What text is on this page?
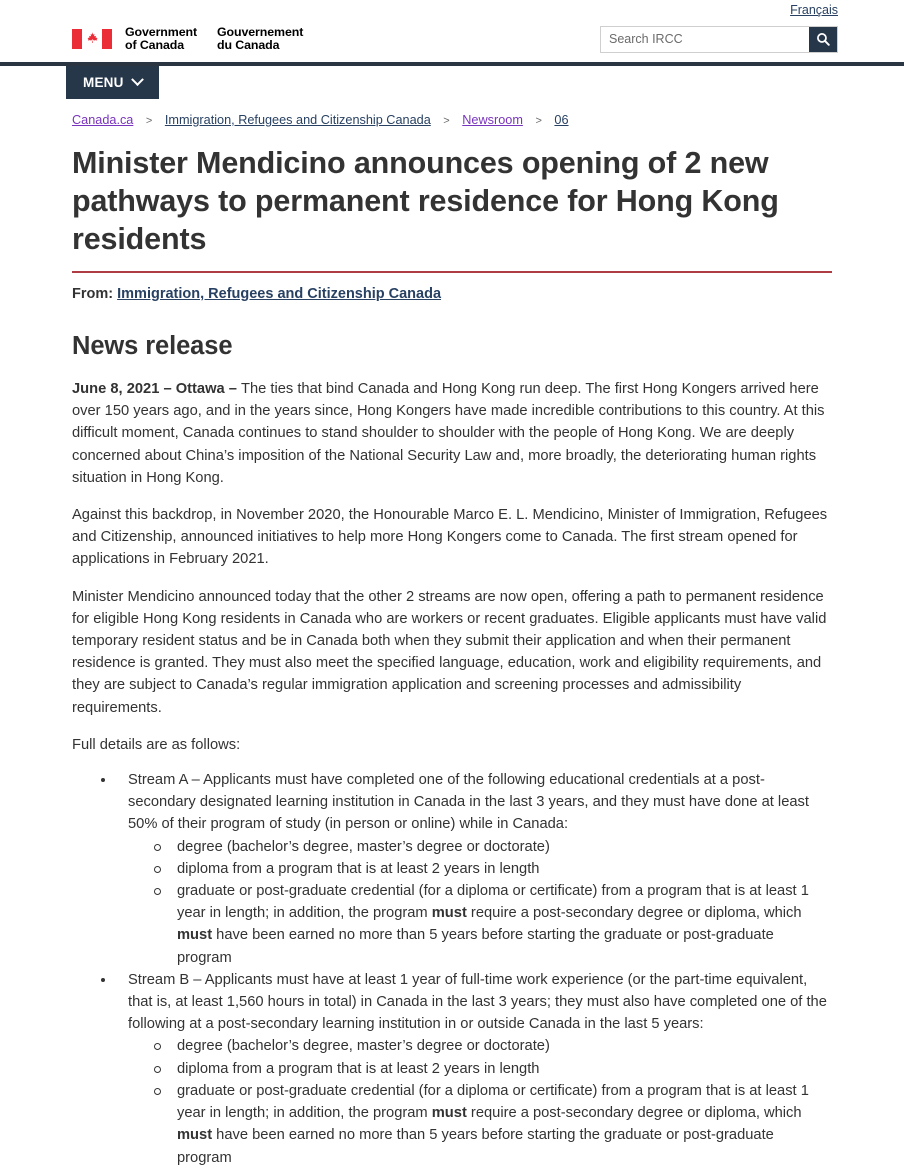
Français
Government
of Canada
Gouvernement
du Canada
Search IRCC
MENU
Canada.ca > Immigration, Refugees and Citizenship Canada > Newsroom > 06
Minister Mendicino announces opening of 2 new pathways to permanent residence for Hong Kong residents

From: Immigration, Refugees and Citizenship Canada

News release

June 8, 2021 – Ottawa – The ties that bind Canada and Hong Kong run deep. The first Hong Kongers arrived here over 150 years ago, and in the years since, Hong Kongers have made incredible contributions to this country. At this difficult moment, Canada continues to stand shoulder to shoulder with the people of Hong Kong. We are deeply concerned about China’s imposition of the National Security Law and, more broadly, the deteriorating human rights situation in Hong Kong.

Against this backdrop, in November 2020, the Honourable Marco E. L. Mendicino, Minister of Immigration, Refugees and Citizenship, announced initiatives to help more Hong Kongers come to Canada. The first stream opened for applications in February 2021.

Minister Mendicino announced today that the other 2 streams are now open, offering a path to permanent residence for eligible Hong Kong residents in Canada who are workers or recent graduates. Eligible applicants must have valid temporary resident status and be in Canada both when they submit their application and when their permanent residence is granted. They must also meet the specified language, education, work and eligibility requirements, and they are subject to Canada’s regular immigration application and screening processes and admissibility requirements.

Full details are as follows:

Stream A – Applicants must have completed one of the following educational credentials at a post-secondary designated learning institution in Canada in the last 3 years, and they must have done at least 50% of their program of study (in person or online) while in Canada:
degree (bachelor’s degree, master’s degree or doctorate)
diploma from a program that is at least 2 years in length
graduate or post-graduate credential (for a diploma or certificate) from a program that is at least 1 year in length; in addition, the program must require a post-secondary degree or diploma, which must have been earned no more than 5 years before starting the graduate or post-graduate program
Stream B – Applicants must have at least 1 year of full-time work experience (or the part-time equivalent, that is, at least 1,560 hours in total) in Canada in the last 3 years; they must also have completed one of the following at a post-secondary learning institution in or outside Canada in the last 5 years:
degree (bachelor’s degree, master’s degree or doctorate)
diploma from a program that is at least 2 years in length
graduate or post-graduate credential (for a diploma or certificate) from a program that is at least 1 year in length; in addition, the program must require a post-secondary degree or diploma, which must have been earned no more than 5 years before starting the graduate or post-graduate program
